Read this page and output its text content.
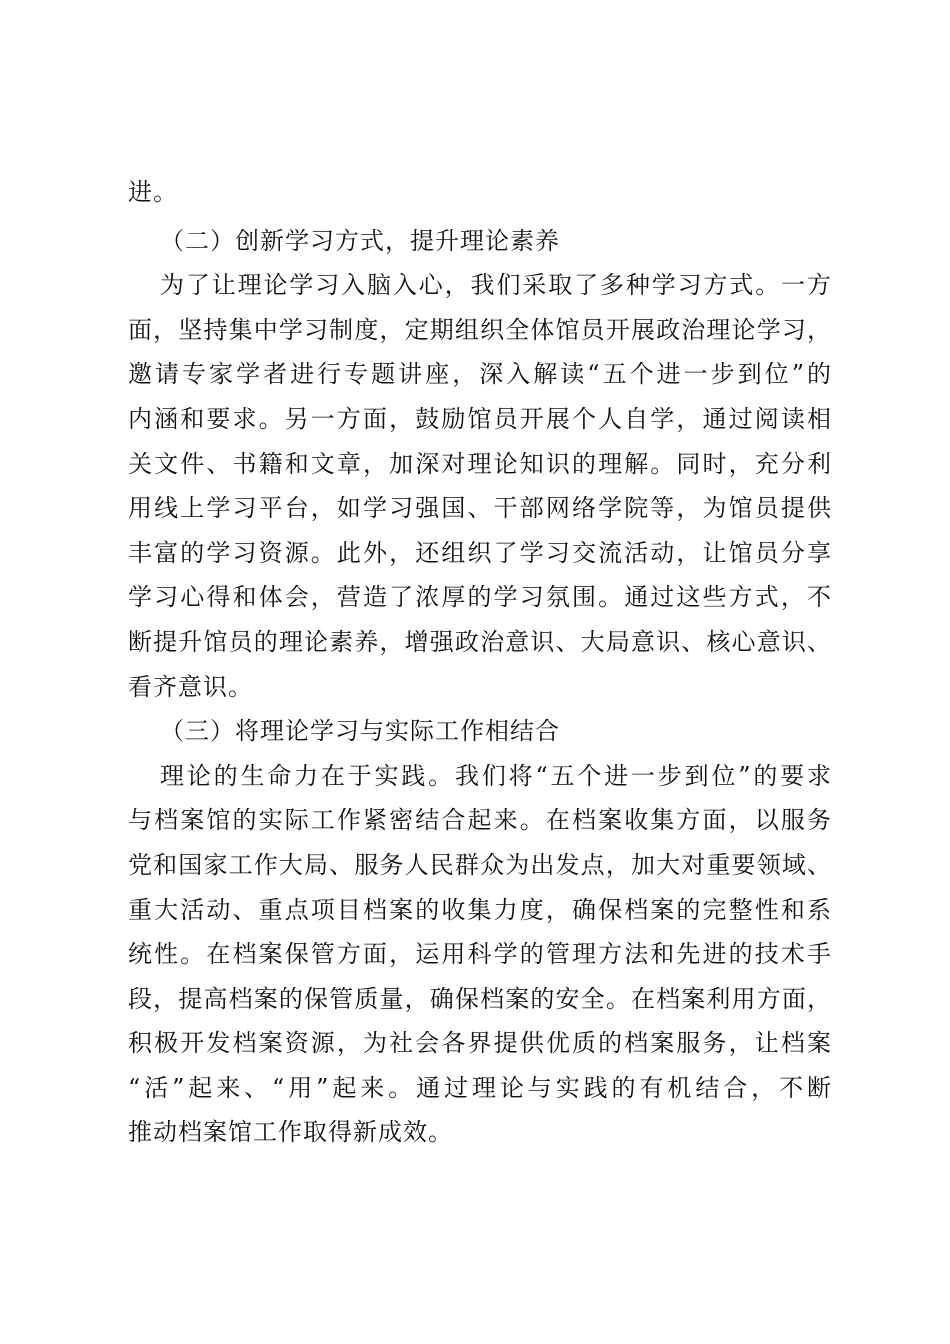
进。
（二）创新学习方式，提升理论素养
为了让理论学习入脑入心，我们采取了多种学习方式。一方
面，坚持集中学习制度，定期组织全体馆员开展政治理论学习，
邀请专家学者进行专题讲座，深入解读“五个进一步到位”的
内涵和要求。另一方面，鼓励馆员开展个人自学，通过阅读相
关文件、书籍和文章，加深对理论知识的理解。同时，充分利
用线上学习平台，如学习强国、干部网络学院等，为馆员提供
丰富的学习资源。此外，还组织了学习交流活动，让馆员分享
学习心得和体会，营造了浓厚的学习氛围。通过这些方式，不
断提升馆员的理论素养，增强政治意识、大局意识、核心意识、
看齐意识。
（三）将理论学习与实际工作相结合
理论的生命力在于实践。我们将“五个进一步到位”的要求
与档案馆的实际工作紧密结合起来。在档案收集方面，以服务
党和国家工作大局、服务人民群众为出发点，加大对重要领域、
重大活动、重点项目档案的收集力度，确保档案的完整性和系
统性。在档案保管方面，运用科学的管理方法和先进的技术手
段，提高档案的保管质量，确保档案的安全。在档案利用方面，
积极开发档案资源，为社会各界提供优质的档案服务，让档案
“活”起来、“用”起来。通过理论与实践的有机结合，不断
推动档案馆工作取得新成效。
